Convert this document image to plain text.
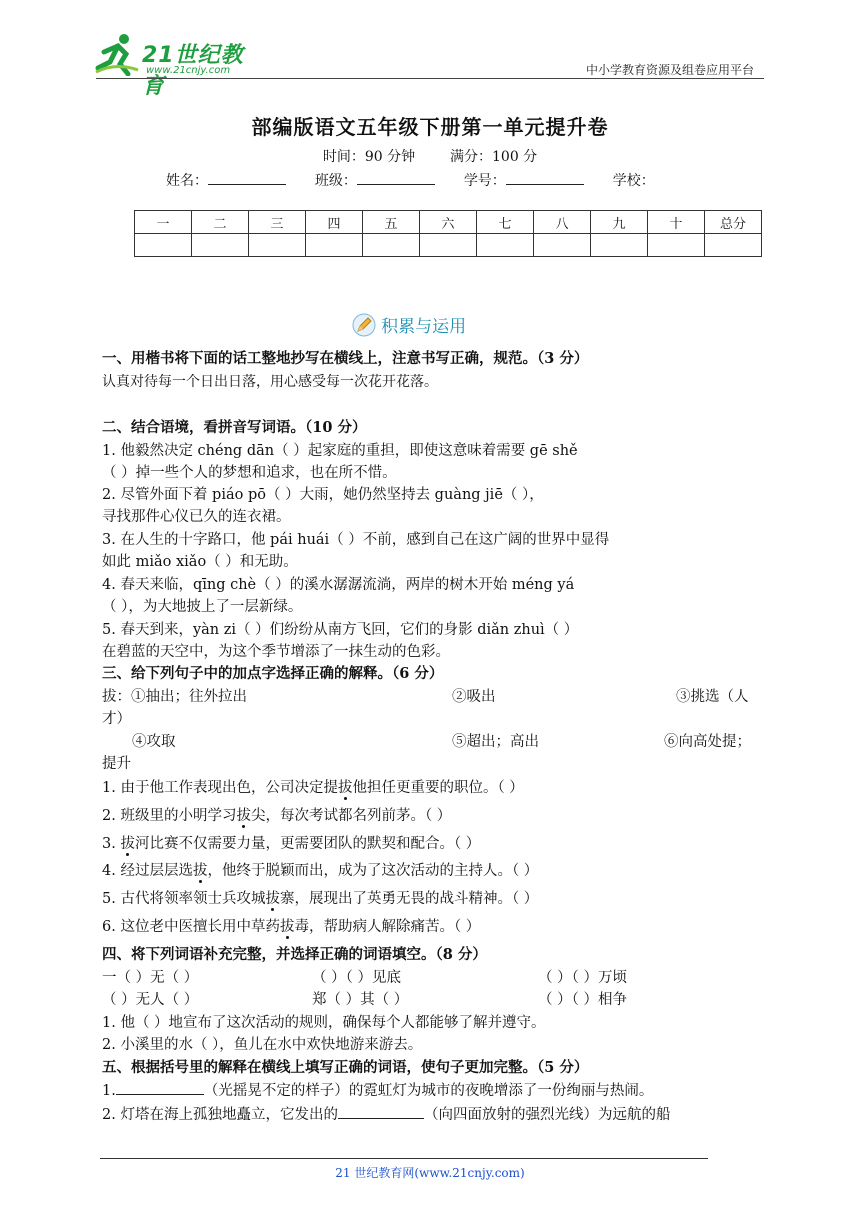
21世纪教育
www.21cnjy.com	中小学教育资源及组卷应用平台
部编版语文五年级下册第一单元提升卷
时间：90 分钟 满分：100 分
姓名：	班级：	学号：	学校：
一	二	三	四	五	六	七	八	九	十	总分

积累与运用
一、用楷书将下面的话工整地抄写在横线上，注意书写正确，规范。（3 分）
认真对待每一个日出日落，用心感受每一次花开花落。
二、结合语境，看拼音写词语。（10 分）
1. 他毅然决定 chéng dān（ ）起家庭的重担，即使这意味着需要 gē shě
（ ）掉一些个人的梦想和追求，也在所不惜。
2. 尽管外面下着 piáo pō（ ）大雨，她仍然坚持去 guàng jiē（ ），
寻找那件心仪已久的连衣裙。
3. 在人生的十字路口，他 pái huái（ ）不前，感到自己在这广阔的世界中显得
如此 miǎo xiǎo（ ）和无助。
4. 春天来临，qīng chè（ ）的溪水潺潺流淌，两岸的树木开始 méng yá
（ ），为大地披上了一层新绿。
5. 春天到来，yàn zi（ ）们纷纷从南方飞回，它们的身影 diǎn zhuì（ ）
在碧蓝的天空中，为这个季节增添了一抹生动的色彩。
三、给下列句子中的加点字选择正确的解释。（6 分）
拔：①抽出；往外拉出	②吸出	③挑选（人
才）
④攻取	⑤超出；高出	⑥向高处提；
提升
1. 由于他工作表现出色，公司决定提拔他担任更重要的职位。（ ）
2. 班级里的小明学习拔尖，每次考试都名列前茅。（ ）
3. 拔河比赛不仅需要力量，更需要团队的默契和配合。（ ）
4. 经过层层选拔，他终于脱颖而出，成为了这次活动的主持人。（ ）
5. 古代将领率领士兵攻城拔寨，展现出了英勇无畏的战斗精神。（ ）
6. 这位老中医擅长用中草药拔毒，帮助病人解除痛苦。（ ）
四、将下列词语补充完整，并选择正确的词语填空。（8 分）
一（ ）无（ ）	（ ）（ ）见底	（ ）（ ）万顷
（ ）无人（ ）	郑（ ）其（ ）	（ ）（ ）相争
1. 他（ ）地宣布了这次活动的规则，确保每个人都能够了解并遵守。
2. 小溪里的水（ ），鱼儿在水中欢快地游来游去。
五、根据括号里的解释在横线上填写正确的词语，使句子更加完整。（5 分）
1.	（光摇晃不定的样子）的霓虹灯为城市的夜晚增添了一份绚丽与热闹。
2. 灯塔在海上孤独地矗立，它发出的	（向四面放射的强烈光线）为远航的船
21 世纪教育网(www.21cnjy.com)
